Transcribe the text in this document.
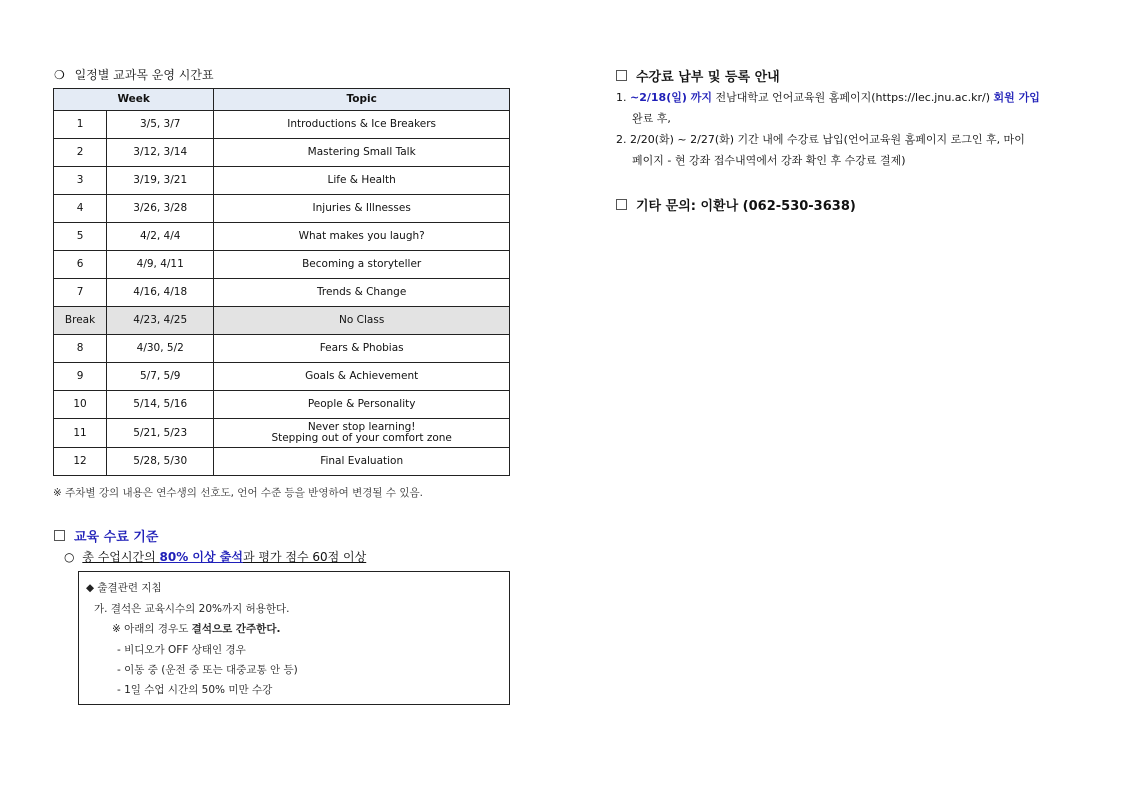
❍ 일정별 교과목 운영 시간표
Week		Topic
1	3/5, 3/7	Introductions & Ice Breakers
2	3/12, 3/14	Mastering Small Talk
3	3/19, 3/21	Life & Health
4	3/26, 3/28	Injuries & Illnesses
5	4/2, 4/4	What makes you laugh?
6	4/9, 4/11	Becoming a storyteller
7	4/16, 4/18	Trends & Change
Break	4/23, 4/25	No Class
8	4/30, 5/2	Fears & Phobias
9	5/7, 5/9	Goals & Achievement
10	5/14, 5/16	People & Personality
11	5/21, 5/23	Never stop learning!
Stepping out of your comfort zone

12	5/28, 5/30	Final Evaluation
※ 주차별 강의 내용은 연수생의 선호도, 언어 수준 등을 반영하여 변경될 수 있음.
교육 수료 기준
○ 총 수업시간의 80% 이상 출석과 평가 점수 60점 이상
◆ 출결관련 지침
가. 결석은 교육시수의 20%까지 허용한다.
※ 아래의 경우도 결석으로 간주한다.
- 비디오가 OFF 상태인 경우
- 이동 중 (운전 중 또는 대중교통 안 등)
- 1일 수업 시간의 50% 미만 수강
수강료 납부 및 등록 안내
1. ~2/18(일) 까지 전남대학교 언어교육원 홈페이지(https://lec.jnu.ac.kr/) 회원 가입
완료 후,
2. 2/20(화) ~ 2/27(화) 기간 내에 수강료 납입(언어교육원 홈페이지 로그인 후, 마이
페이지 - 현 강좌 접수내역에서 강좌 확인 후 수강료 결제)
기타 문의: 이환나 (062-530-3638)
